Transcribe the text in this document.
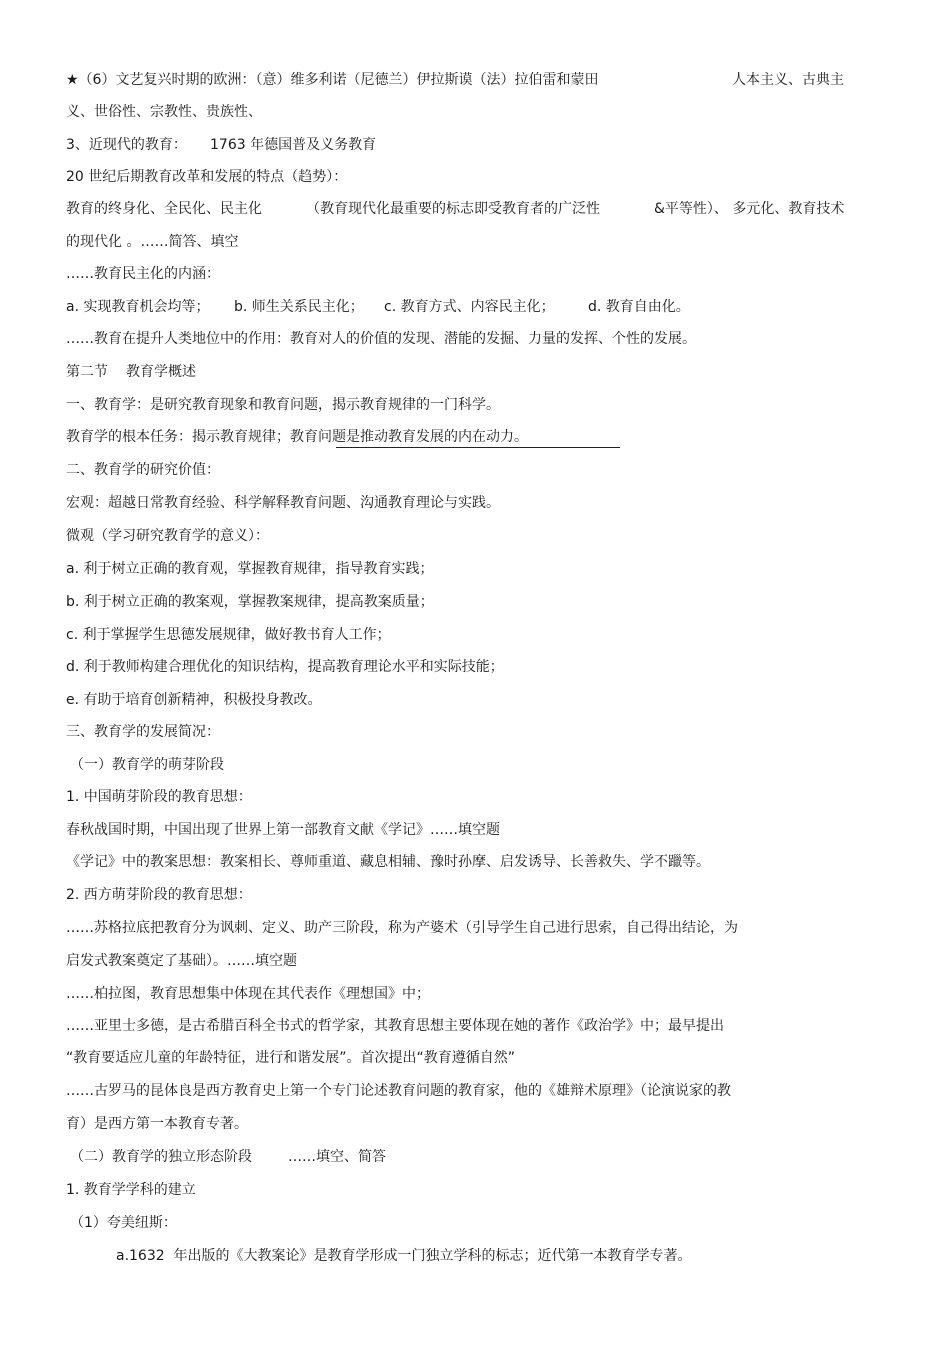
★（6）文艺复兴时期的欧洲：（意）维多利诺（尼德兰）伊拉斯谟（法）拉伯雷和蒙田

	人本主义、古典主

义、世俗性、宗教性、贵族性、

3、近现代的教育：

1763 年德国普及义务教育

20 世纪后期教育改革和发展的特点（趋势）：

教育的终身化、全民化、民主化

	（教育现代化最重要的标志即受教育者的广泛性

	&平等性）、 多元化、教育技术

的现代化 。……简答、填空

……教育民主化的内涵：

a. 实现教育机会均等；

b. 师生关系民主化；

c. 教育方式、内容民主化；

d. 教育自由化。

……教育在提升人类地位中的作用：教育对人的价值的发现、潜能的发掘、力量的发挥、个性的发展。

第二节

教育学概述

一、教育学：是研究教育现象和教育问题，揭示教育规律的一门科学。

教育学的根本任务：揭示教育规律；教育问题是推动教育发展的内在动力。

二、教育学的研究价值：

宏观：超越日常教育经验、科学解释教育问题、沟通教育理论与实践。

微观（学习研究教育学的意义）：

a. 利于树立正确的教育观，掌握教育规律，指导教育实践；

b. 利于树立正确的教案观，掌握教案规律，提高教案质量；

c. 利于掌握学生思德发展规律，做好教书育人工作；

d. 利于教师构建合理优化的知识结构，提高教育理论水平和实际技能；

e. 有助于培育创新精神，积极投身教改。

三、教育学的发展简况：

（一）教育学的萌芽阶段

1. 中国萌芽阶段的教育思想：

春秋战国时期，中国出现了世界上第一部教育文献《学记》……填空题

《学记》中的教案思想：教案相长、尊师重道、藏息相辅、豫时孙摩、启发诱导、长善救失、学不躐等。

2. 西方萌芽阶段的教育思想：

……苏格拉底把教育分为讽刺、定义、助产三阶段，称为产婆术（引导学生自己进行思索，自己得出结论，为

启发式教案奠定了基础）。……填空题

……柏拉图，教育思想集中体现在其代表作《理想国》中；

……亚里士多德，是古希腊百科全书式的哲学家，其教育思想主要体现在她的著作《政治学》中；最早提出

“教育要适应儿童的年龄特征，进行和谐发展”。首次提出“教育遵循自然”

……古罗马的昆体良是西方教育史上第一个专门论述教育问题的教育家，他的《雄辩术原理》（论演说家的教

育）是西方第一本教育专著。

（二）教育学的独立形态阶段

	……填空、简答

1. 教育学学科的建立

（1）夸美纽斯：

a.1632  年出版的《大教案论》是教育学形成一门独立学科的标志；近代第一本教育学专著。
